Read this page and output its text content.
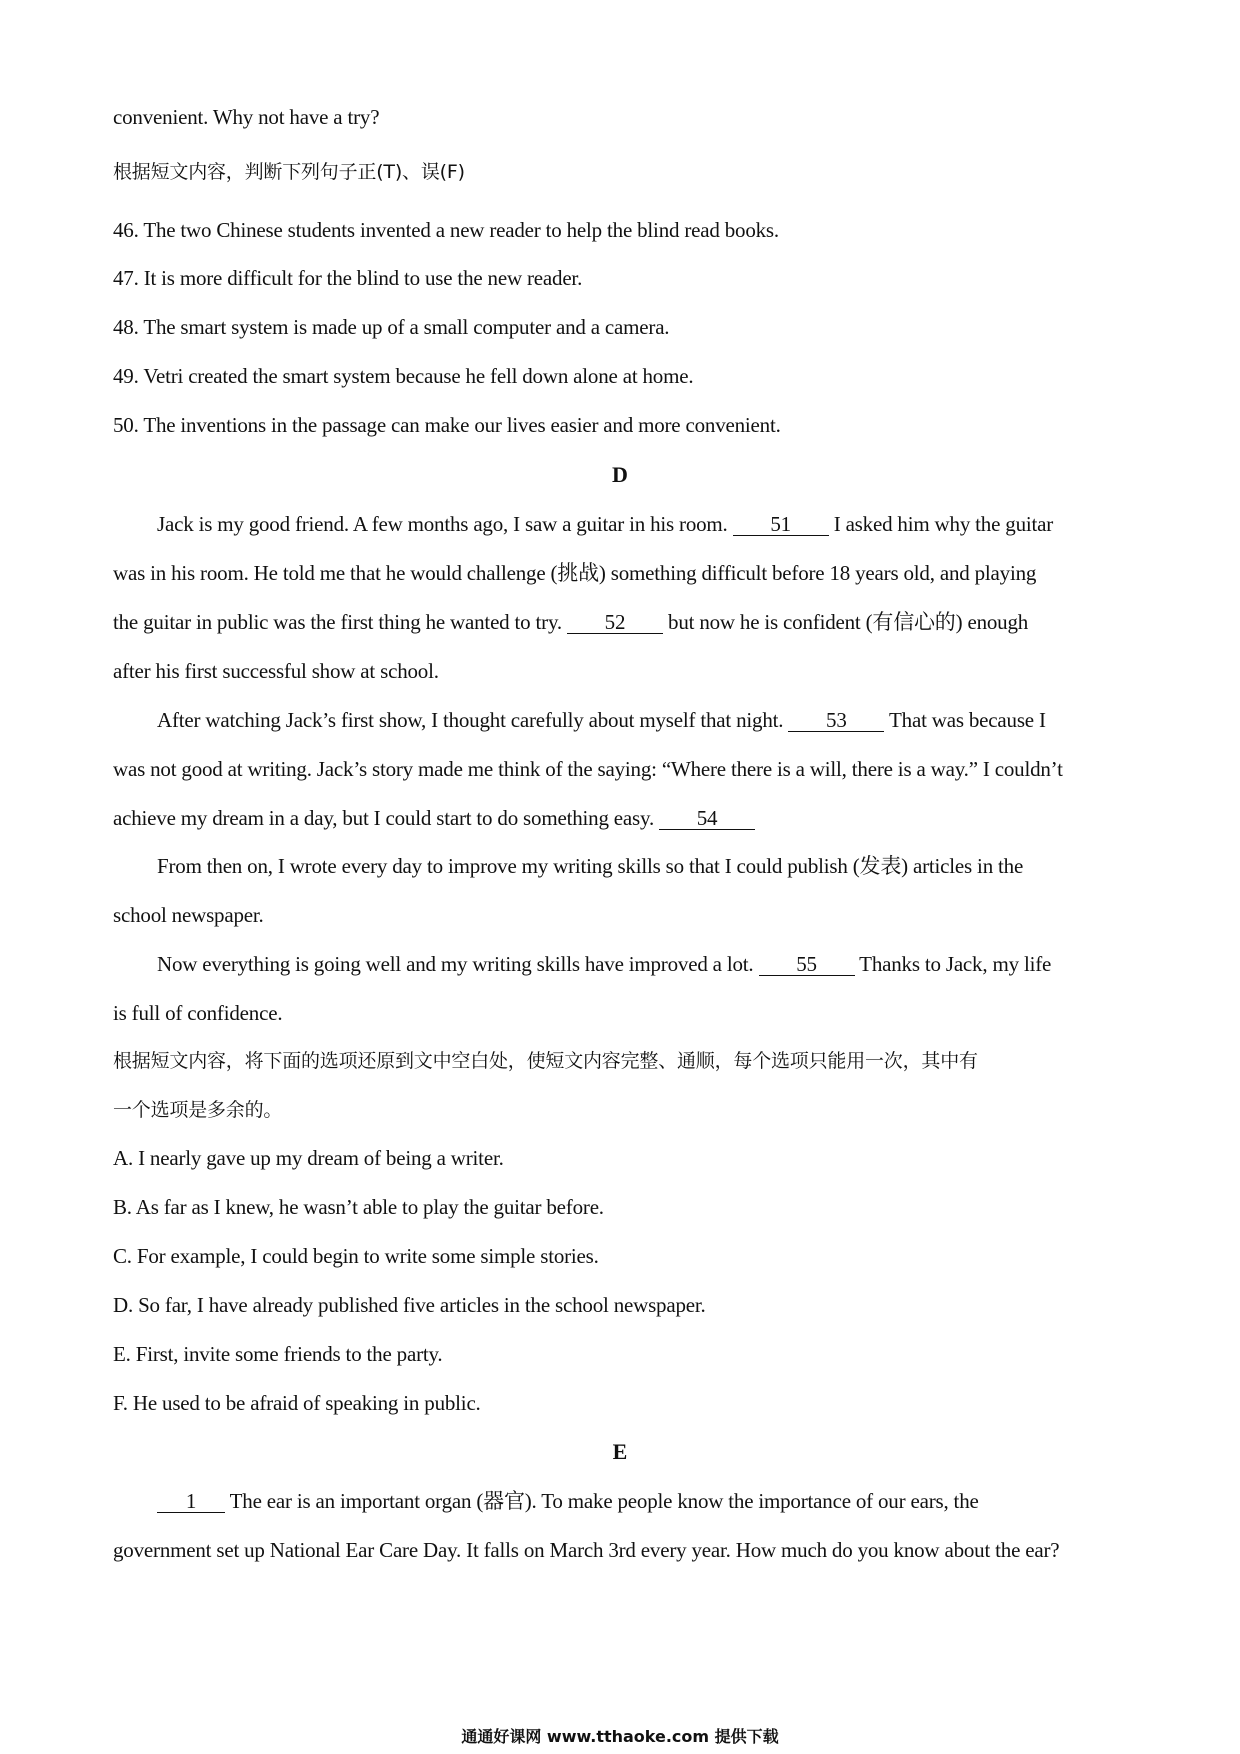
convenient. Why not have a try?
根据短文内容，判断下列句子正(T)、误(F)
46. The two Chinese students invented a new reader to help the blind read books.
47. It is more difficult for the blind to use the new reader.
48. The smart system is made up of a small computer and a camera.
49. Vetri created the smart system because he fell down alone at home.
50. The inventions in the passage can make our lives easier and more convenient.
D
Jack is my good friend. A few months ago, I saw a guitar in his room. 51 I asked him why the guitar
was in his room. He told me that he would challenge (挑战) something difficult before 18 years old, and playing
the guitar in public was the first thing he wanted to try. 52 but now he is confident (有信心的) enough
after his first successful show at school.
After watching Jack’s first show, I thought carefully about myself that night. 53 That was because I
was not good at writing. Jack’s story made me think of the saying: “Where there is a will, there is a way.” I couldn’t
achieve my dream in a day, but I could start to do something easy. 54
From then on, I wrote every day to improve my writing skills so that I could publish (发表) articles in the
school newspaper.
Now everything is going well and my writing skills have improved a lot. 55 Thanks to Jack, my life
is full of confidence.
根据短文内容，将下面的选项还原到文中空白处，使短文内容完整、通顺，每个选项只能用一次，其中有
一个选项是多余的。
A. I nearly gave up my dream of being a writer.
B. As far as I knew, he wasn’t able to play the guitar before.
C. For example, I could begin to write some simple stories.
D. So far, I have already published five articles in the school newspaper.
E. First, invite some friends to the party.
F. He used to be afraid of speaking in public.
E
1 The ear is an important organ (器官). To make people know the importance of our ears, the
government set up National Ear Care Day. It falls on March 3rd every year. How much do you know about the ear?
通通好课网 www.tthaoke.com 提供下载
